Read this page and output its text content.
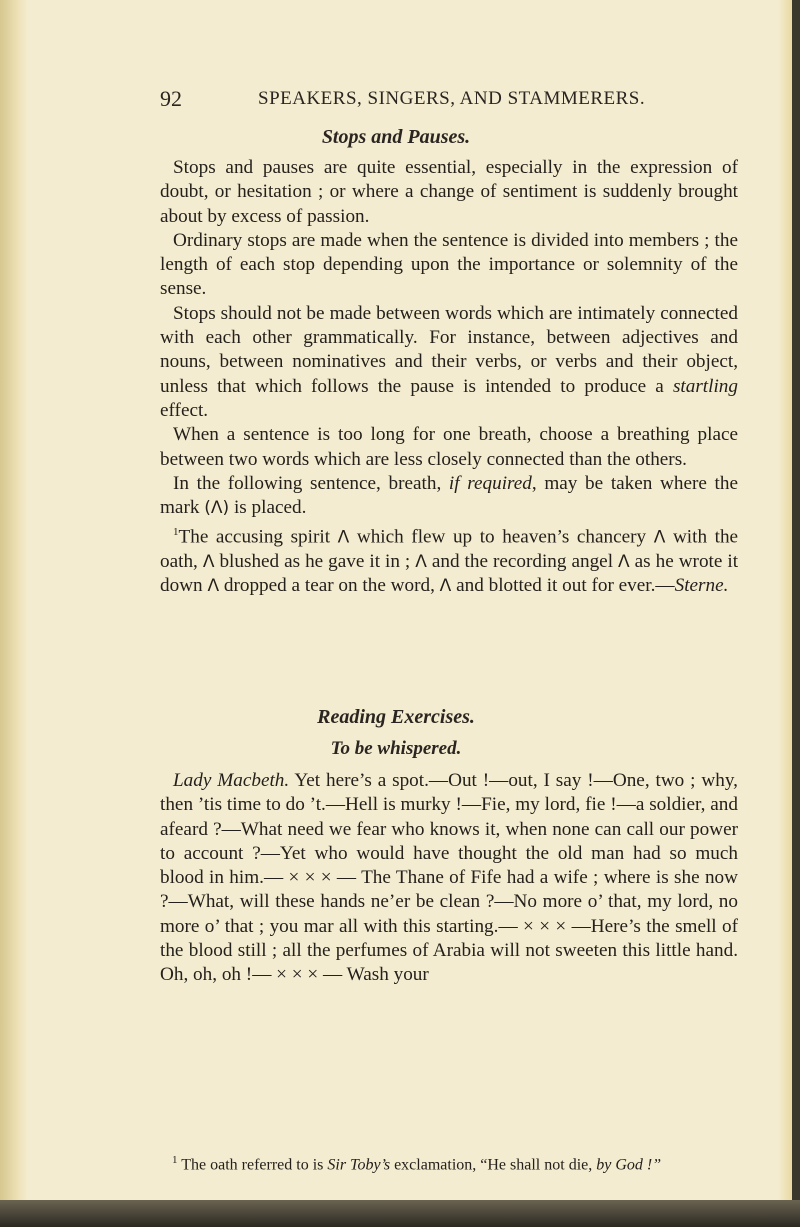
92	SPEAKERS, SINGERS, AND STAMMERERS.
Stops and Pauses.

Stops and pauses are quite essential, especially in the expression of doubt, or hesitation ; or where a change of sentiment is suddenly brought about by excess of passion.

Ordinary stops are made when the sentence is divided into members ; the length of each stop depending upon the importance or solemnity of the sense.

Stops should not be made between words which are intimately connected with each other grammatically. For instance, between adjectives and nouns, between nominatives and their verbs, or verbs and their object, unless that which follows the pause is intended to produce a startling effect.

When a sentence is too long for one breath, choose a breathing place between two words which are less closely connected than the others.

In the following sentence, breath, if required, may be taken where the mark (Λ) is placed.

$^1$The accusing spirit Λ which flew up to heaven’s chancery Λ with the oath, Λ blushed as he gave it in ; Λ and the recording angel Λ as he wrote it down Λ dropped a tear on the word, Λ and blotted it out for ever.—Sterne.

Reading Exercises.
To be whispered.

Lady Macbeth. Yet here’s a spot.—Out !—out, I say !—One, two ; why, then ’tis time to do ’t.—Hell is murky !—Fie, my lord, fie !—a soldier, and afeard ?—What need we fear who knows it, when none can call our power to account ?—Yet who would have thought the old man had so much blood in him.— × × × — The Thane of Fife had a wife ; where is she now ?—What, will these hands ne’er be clean ?—No more o’ that, my lord, no more o’ that ; you mar all with this starting.— × × × —Here’s the smell of the blood still ; all the perfumes of Arabia will not sweeten this little hand. Oh, oh, oh !— × × × — Wash your

$^1$ The oath referred to is Sir Toby’s exclamation, “He shall not die, by God !”
